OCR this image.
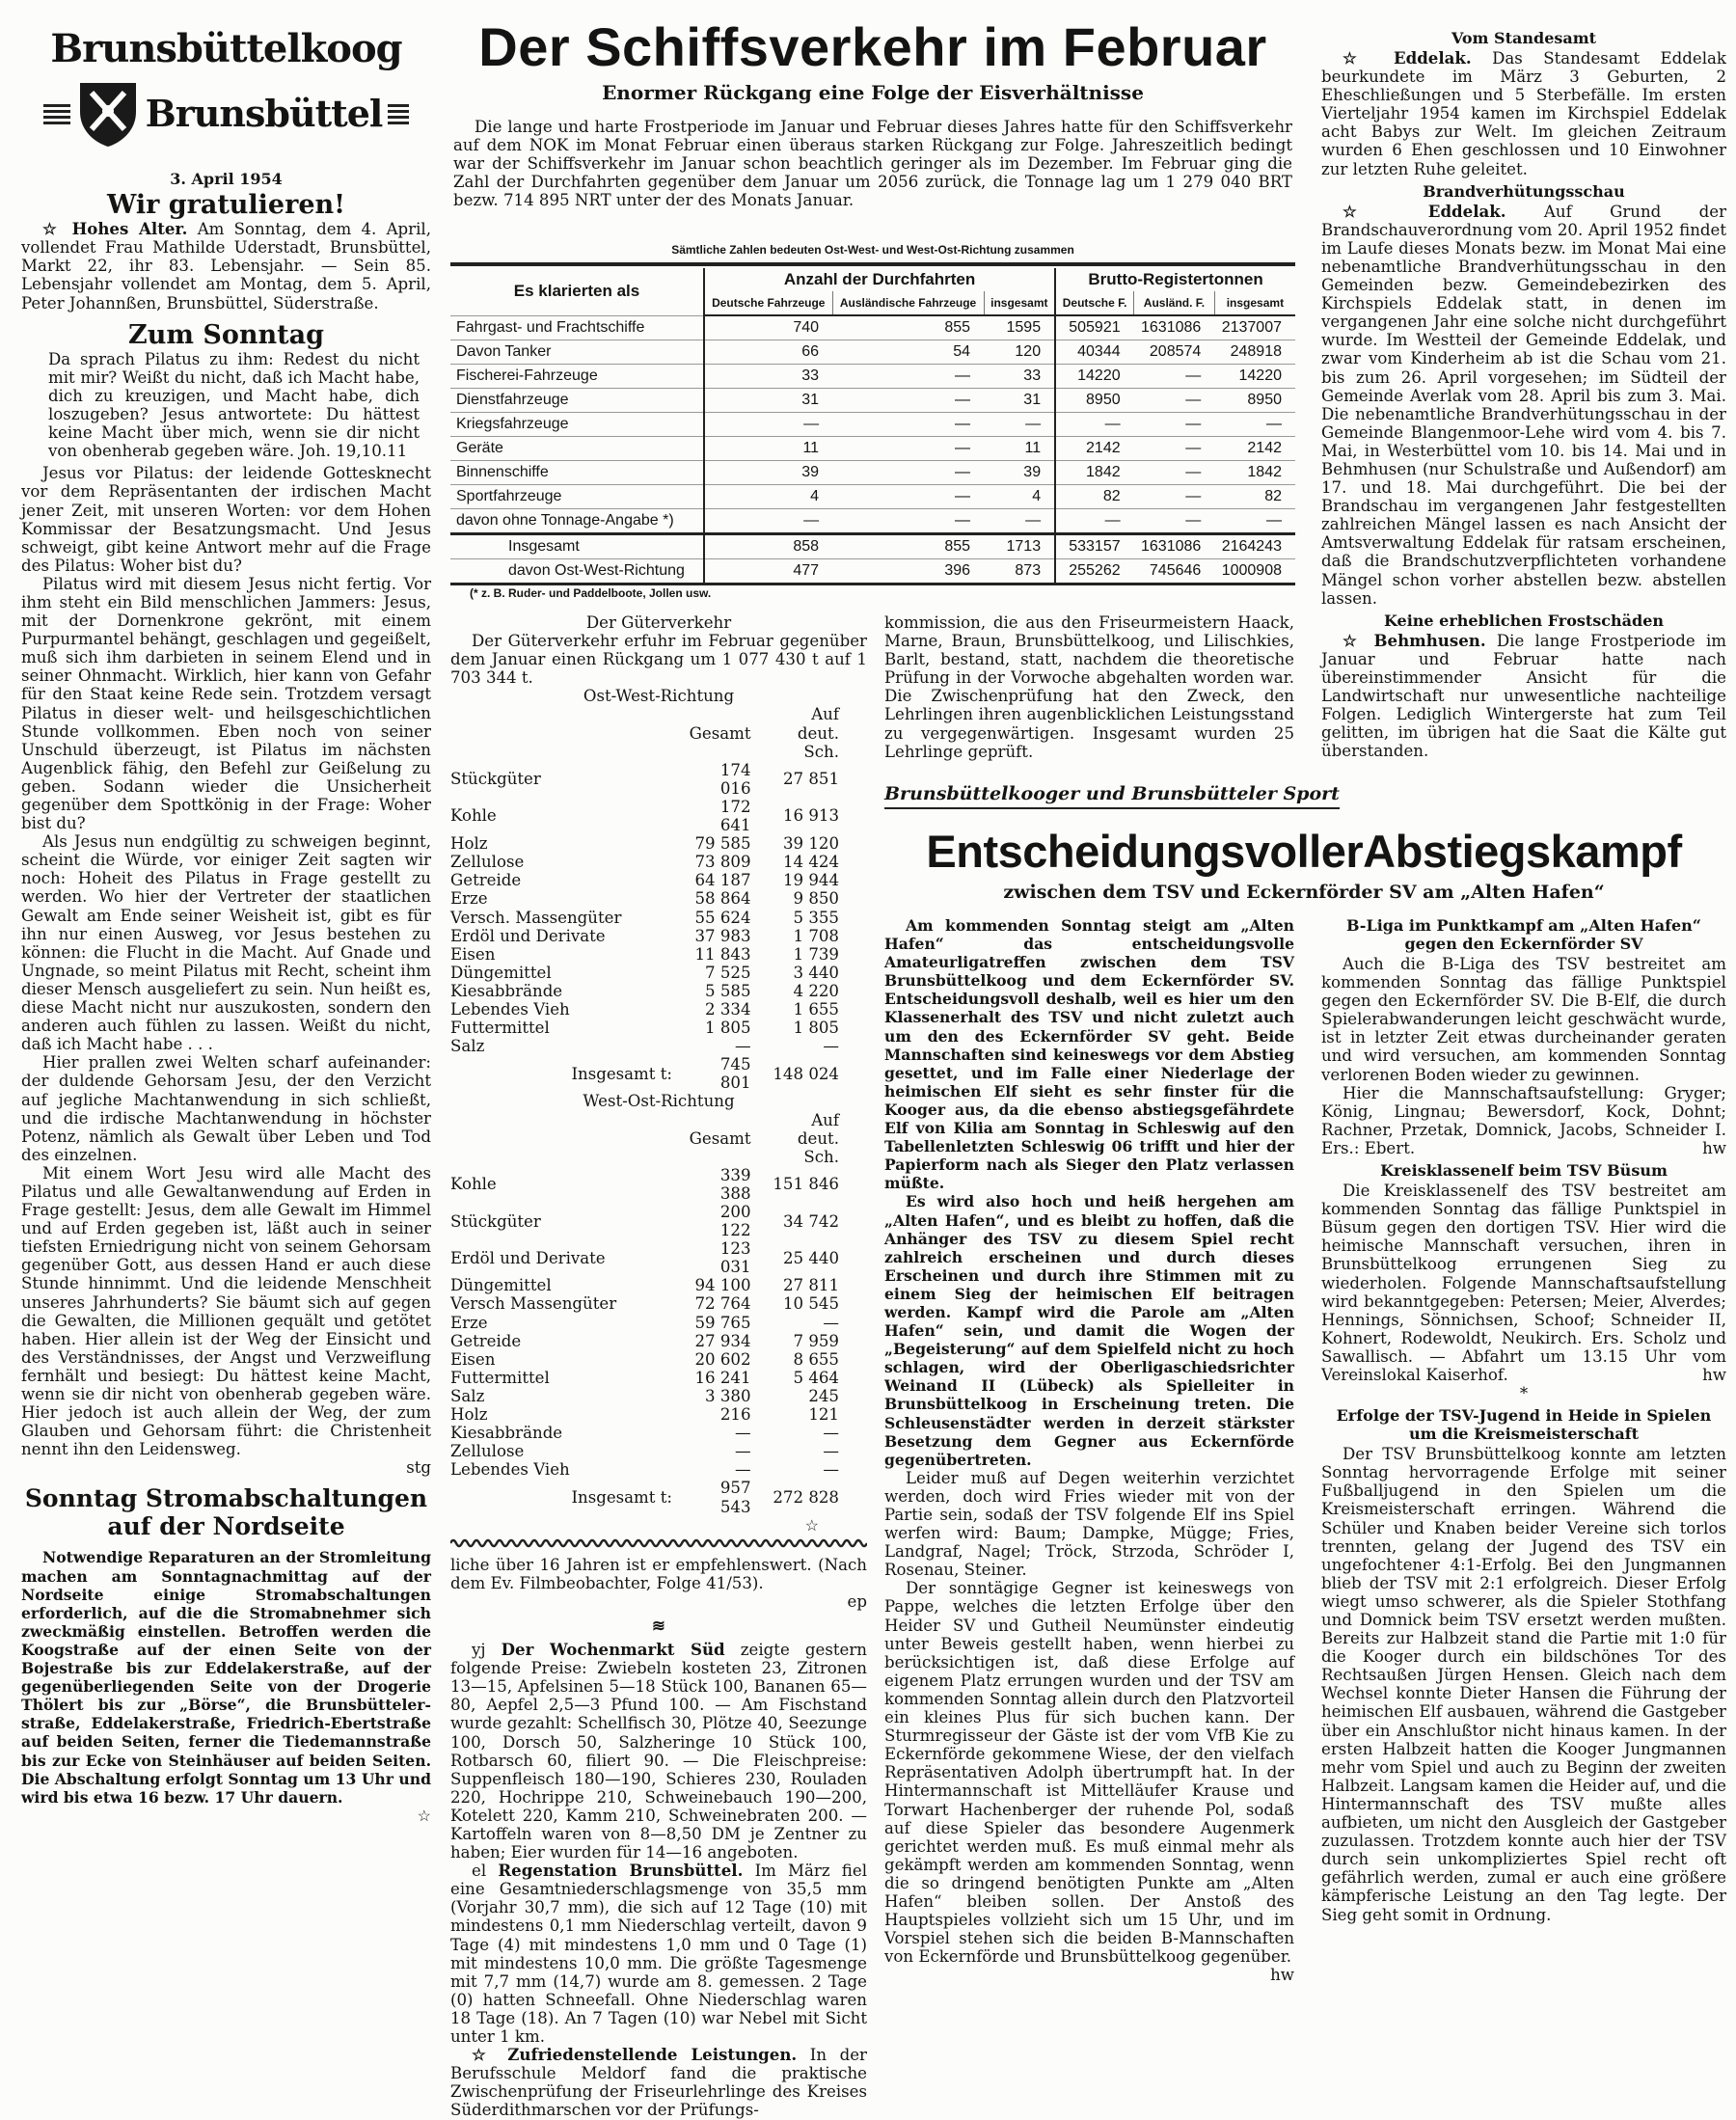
Brunsbüttelkoog
Brunsbüttel
3. April 1954
Wir gratulieren!

☆ Hohes Alter. Am Sonntag, dem 4. April, vollendet Frau Mathilde Uderstadt, Brunsbüttel, Markt 22, ihr 83. Lebensjahr. — Sein 85. Lebensjahr vollendet am Montag, dem 5. April, Peter Johannßen, Brunsbüttel, Süderstraße.

Zum Sonntag

Da sprach Pilatus zu ihm: Redest du nicht mit mir? Weißt du nicht, daß ich Macht habe, dich zu kreuzigen, und Macht habe, dich loszugeben? Jesus antwortete: Du hättest keine Macht über mich, wenn sie dir nicht von obenherab gegeben wäre. Joh. 19,10.11

Jesus vor Pilatus: der leidende Gottesknecht vor dem Repräsentanten der irdischen Macht jener Zeit, mit unseren Worten: vor dem Hohen Kommissar der Besatzungsmacht. Und Jesus schweigt, gibt keine Antwort mehr auf die Frage des Pilatus: Woher bist du?

Pilatus wird mit diesem Jesus nicht fertig. Vor ihm steht ein Bild menschlichen Jammers: Jesus, mit der Dornenkrone gekrönt, mit einem Purpurmantel behängt, geschlagen und gegeißelt, muß sich ihm darbieten in seinem Elend und in seiner Ohnmacht. Wirklich, hier kann von Gefahr für den Staat keine Rede sein. Trotzdem versagt Pilatus in dieser welt- und heilsgeschichtlichen Stunde vollkommen. Eben noch von seiner Unschuld überzeugt, ist Pilatus im nächsten Augenblick fähig, den Befehl zur Geißelung zu geben. Sodann wieder die Unsicherheit gegenüber dem Spottkönig in der Frage: Woher bist du?

Als Jesus nun endgültig zu schweigen beginnt, scheint die Würde, vor einiger Zeit sagten wir noch: Hoheit des Pilatus in Frage gestellt zu werden. Wo hier der Vertreter der staatlichen Gewalt am Ende seiner Weisheit ist, gibt es für ihn nur einen Ausweg, vor Jesus bestehen zu können: die Flucht in die Macht. Auf Gnade und Ungnade, so meint Pilatus mit Recht, scheint ihm dieser Mensch ausgeliefert zu sein. Nun heißt es, diese Macht nicht nur auszukosten, sondern den anderen auch fühlen zu lassen. Weißt du nicht, daß ich Macht habe . . .

Hier prallen zwei Welten scharf aufeinander: der duldende Gehorsam Jesu, der den Verzicht auf jegliche Machtanwendung in sich schließt, und die irdische Machtanwendung in höchster Potenz, nämlich als Gewalt über Leben und Tod des einzelnen.

Mit einem Wort Jesu wird alle Macht des Pilatus und alle Gewaltanwendung auf Erden in Frage gestellt: Jesus, dem alle Gewalt im Himmel und auf Erden gegeben ist, läßt auch in seiner tiefsten Erniedrigung nicht von seinem Gehorsam gegenüber Gott, aus dessen Hand er auch diese Stunde hinnimmt. Und die leidende Menschheit unseres Jahrhunderts? Sie bäumt sich auf gegen die Gewalten, die Millionen gequält und getötet haben. Hier allein ist der Weg der Einsicht und des Verständnisses, der Angst und Verzweiflung fernhält und besiegt: Du hättest keine Macht, wenn sie dir nicht von obenherab gegeben wäre. Hier jedoch ist auch allein der Weg, der zum Glauben und Gehorsam führt: die Christenheit nennt ihn den Leidensweg.

stg
Sonntag Stromabschaltungen auf der Nordseite

Notwendige Reparaturen an der Stromleitung machen am Sonntagnachmittag auf der Nordseite einige Stromabschaltungen erforderlich, auf die die Stromabnehmer sich zweckmäßig einstellen. Betroffen werden die Koogstraße auf der einen Seite von der Bojestraße bis zur Eddelakerstraße, auf der gegenüberliegenden Seite von der Drogerie Thölert bis zur „Börse“, die Brunsbüttelerstraße, Eddelakerstraße, Friedrich-Ebertstraße auf beiden Seiten, ferner die Tiedemannstraße bis zur Ecke von Steinhäuser auf beiden Seiten. Die Abschaltung erfolgt Sonntag um 13 Uhr und wird bis etwa 16 bezw. 17 Uhr dauern.

☆
Der Schiffsverkehr im Februar
Enormer Rückgang eine Folge der Eisverhältnisse

Die lange und harte Frostperiode im Januar und Februar dieses Jahres hatte für den Schiffsverkehr auf dem NOK im Monat Februar einen überaus starken Rückgang zur Folge. Jahreszeitlich bedingt war der Schiffsverkehr im Januar schon beachtlich geringer als im Dezember. Im Februar ging die Zahl der Durchfahrten gegenüber dem Januar um 2056 zurück, die Tonnage lag um 1 279 040 BRT bezw. 714 895 NRT unter der des Monats Januar.

Sämtliche Zahlen bedeuten Ost-West- und West-Ost-Richtung zusammen
Es klarierten als	Anzahl der Durchfahrten			Brutto-Registertonnen		
	Deutsche Fahrzeuge	Ausländische Fahrzeuge	insgesamt	Deutsche F.	Ausländ. F.	insgesamt
Fahrgast- und Frachtschiffe	740	855	1595	505921	1631086	2137007
Davon Tanker	66	54	120	40344	208574	248918
Fischerei-Fahrzeuge	33	—	33	14220	—	14220
Dienstfahrzeuge	31	—	31	8950	—	8950
Kriegsfahrzeuge	—	—	—	—	—	—
Geräte	11	—	11	2142	—	2142
Binnenschiffe	39	—	39	1842	—	1842
Sportfahrzeuge	4	—	4	82	—	82
davon ohne Tonnage-Angabe *)	—	—	—	—	—	—
Insgesamt	858	855	1713	533157	1631086	2164243
davon Ost-West-Richtung	477	396	873	255262	745646	1000908
(* z. B. Ruder- und Paddelboote, Jollen usw.
Der Güterverkehr

Der Güterverkehr erfuhr im Februar gegenüber dem Januar einen Rückgang um 1 077 430 t auf 1 703 344 t.

Ost-West-Richtung
	Gesamt	Auf deut. Sch.
Stückgüter	174 016	27 851
Kohle	172 641	16 913
Holz	79 585	39 120
Zellulose	73 809	14 424
Getreide	64 187	19 944
Erze	58 864	9 850
Versch. Massengüter	55 624	5 355
Erdöl und Derivate	37 983	1 708
Eisen	11 843	1 739
Düngemittel	7 525	3 440
Kiesabbrände	5 585	4 220
Lebendes Vieh	2 334	1 655
Futtermittel	1 805	1 805
Salz	—	—
Insgesamt t:	745 801	148 024
West-Ost-Richtung
	Gesamt	Auf deut. Sch.
Kohle	339 388	151 846
Stückgüter	200 122	34 742
Erdöl und Derivate	123 031	25 440
Düngemittel	94 100	27 811
Versch Massengüter	72 764	10 545
Erze	59 765	—
Getreide	27 934	7 959
Eisen	20 602	8 655
Futtermittel	16 241	5 464
Salz	3 380	245
Holz	216	121
Kiesabbrände	—	—
Zellulose	—	—
Lebendes Vieh	—	—
Insgesamt t:	957 543	272 828
☆

liche über 16 Jahren ist er empfehlenswert. (Nach dem Ev. Filmbeobachter, Folge 41/53).
ep

≋

yj Der Wochenmarkt Süd zeigte gestern folgende Preise: Zwiebeln kosteten 23, Zitronen 13—15, Apfelsinen 5—18 Stück 100, Bananen 65—80, Aepfel 2,5—3 Pfund 100. — Am Fischstand wurde gezahlt: Schellfisch 30, Plötze 40, Seezunge 100, Dorsch 50, Salzheringe 10 Stück 100, Rotbarsch 60, filiert 90. — Die Fleischpreise: Suppenfleisch 180—190, Schieres 230, Rouladen 220, Hochrippe 210, Schweinebauch 190—200, Kotelett 220, Kamm 210, Schweinebraten 200. — Kartoffeln waren von 8—8,50 DM je Zentner zu haben; Eier wurden für 14—16 angeboten.

el Regenstation Brunsbüttel. Im März fiel eine Gesamtniederschlagsmenge von 35,5 mm (Vorjahr 30,7 mm), die sich auf 12 Tage (10) mit mindestens 0,1 mm Niederschlag verteilt, davon 9 Tage (4) mit mindestens 1,0 mm und 0 Tage (1) mit mindestens 10,0 mm. Die größte Tagesmenge mit 7,7 mm (14,7) wurde am 8. gemessen. 2 Tage (0) hatten Schneefall. Ohne Niederschlag waren 18 Tage (18). An 7 Tagen (10) war Nebel mit Sicht unter 1 km.

☆ Zufriedenstellende Leistungen. In der Berufsschule Meldorf fand die praktische Zwischenprüfung der Friseurlehrlinge des Kreises Süderdithmarschen vor der Prüfungs-

kommission, die aus den Friseurmeistern Haack, Marne, Braun, Brunsbüttelkoog, und Lilischkies, Barlt, bestand, statt, nachdem die theoretische Prüfung in der Vorwoche abgehalten worden war. Die Zwischenprüfung hat den Zweck, den Lehrlingen ihren augenblicklichen Leistungsstand zu vergegenwärtigen. Insgesamt wurden 25 Lehrlinge geprüft.

Brunsbüttelkooger und Brunsbütteler Sport
EntscheidungsvollerAbstiegskampf
zwischen dem TSV und Eckernförder SV am „Alten Hafen“

Am kommenden Sonntag steigt am „Alten Hafen“ das entscheidungsvolle Amateurligatreffen zwischen dem TSV Brunsbüttelkoog und dem Eckernförder SV. Entscheidungsvoll deshalb, weil es hier um den Klassenerhalt des TSV und nicht zuletzt auch um den des Eckernförder SV geht. Beide Mannschaften sind keineswegs vor dem Abstieg gesettet, und im Falle einer Niederlage der heimischen Elf sieht es sehr finster für die Kooger aus, da die ebenso abstiegsgefährdete Elf von Kilia am Sonntag in Schleswig auf den Tabellenletzten Schleswig 06 trifft und hier der Papierform nach als Sieger den Platz verlassen müßte.

Es wird also hoch und heiß hergehen am „Alten Hafen“, und es bleibt zu hoffen, daß die Anhänger des TSV zu diesem Spiel recht zahlreich erscheinen und durch dieses Erscheinen und durch ihre Stimmen mit zu einem Sieg der heimischen Elf beitragen werden. Kampf wird die Parole am „Alten Hafen“ sein, und damit die Wogen der „Begeisterung“ auf dem Spielfeld nicht zu hoch schlagen, wird der Oberligaschiedsrichter Weinand II (Lübeck) als Spielleiter in Brunsbüttelkoog in Erscheinung treten. Die Schleusenstädter werden in derzeit stärkster Besetzung dem Gegner aus Eckernförde gegenübertreten.

Leider muß auf Degen weiterhin verzichtet werden, doch wird Fries wieder mit von der Partie sein, sodaß der TSV folgende Elf ins Spiel werfen wird: Baum; Dampke, Mügge; Fries, Landgraf, Nagel; Tröck, Strzoda, Schröder I, Rosenau, Steiner.

Der sonntägige Gegner ist keineswegs von Pappe, welches die letzten Erfolge über den Heider SV und Gutheil Neumünster eindeutig unter Beweis gestellt haben, wenn hierbei zu berücksichtigen ist, daß diese Erfolge auf eigenem Platz errungen wurden und der TSV am kommenden Sonntag allein durch den Platzvorteil ein kleines Plus für sich buchen kann. Der Sturmregisseur der Gäste ist der vom VfB Kie zu Eckernförde gekommene Wiese, der den vielfach Repräsentativen Adolph übertrumpft hat. In der Hintermannschaft ist Mittelläufer Krause und Torwart Hachenberger der ruhende Pol, sodaß auf diese Spieler das besondere Augenmerk gerichtet werden muß. Es muß einmal mehr als gekämpft werden am kommenden Sonntag, wenn die so dringend benötigten Punkte am „Alten Hafen“ bleiben sollen. Der Anstoß des Hauptspieles vollzieht sich um 15 Uhr, und im Vorspiel stehen sich die beiden B-Mannschaften von Eckernförde und Brunsbüttelkoog gegenüber.

hw
Vom Standesamt

☆ Eddelak. Das Standesamt Eddelak beurkundete im März 3 Geburten, 2 Eheschließungen und 5 Sterbefälle. Im ersten Vierteljahr 1954 kamen im Kirchspiel Eddelak acht Babys zur Welt. Im gleichen Zeitraum wurden 6 Ehen geschlossen und 10 Einwohner zur letzten Ruhe geleitet.

Brandverhütungsschau

☆ Eddelak. Auf Grund der Brandschauverordnung vom 20. April 1952 findet im Laufe dieses Monats bezw. im Monat Mai eine nebenamtliche Brandverhütungsschau in den Gemeinden bezw. Gemeindebezirken des Kirchspiels Eddelak statt, in denen im vergangenen Jahr eine solche nicht durchgeführt wurde. Im Westteil der Gemeinde Eddelak, und zwar vom Kinderheim ab ist die Schau vom 21. bis zum 26. April vorgesehen; im Südteil der Gemeinde Averlak vom 28. April bis zum 3. Mai. Die nebenamtliche Brandverhütungsschau in der Gemeinde Blangenmoor-Lehe wird vom 4. bis 7. Mai, in Westerbüttel vom 10. bis 14. Mai und in Behmhusen (nur Schulstraße und Außendorf) am 17. und 18. Mai durchgeführt. Die bei der Brandschau im vergangenen Jahr festgestellten zahlreichen Mängel lassen es nach Ansicht der Amtsverwaltung Eddelak für ratsam erscheinen, daß die Brandschutzverpflichteten vorhandene Mängel schon vorher abstellen bezw. abstellen lassen.

Keine erheblichen Frostschäden

☆ Behmhusen. Die lange Frostperiode im Januar und Februar hatte nach übereinstimmender Ansicht für die Landwirtschaft nur unwesentliche nachteilige Folgen. Lediglich Wintergerste hat zum Teil gelitten, im übrigen hat die Saat die Kälte gut überstanden.

B-Liga im Punktkampf am „Alten Hafen“ gegen den Eckernförder SV

Auch die B-Liga des TSV bestreitet am kommenden Sonntag das fällige Punktspiel gegen den Eckernförder SV. Die B-Elf, die durch Spielerabwanderungen leicht geschwächt wurde, ist in letzter Zeit etwas durcheinander geraten und wird versuchen, am kommenden Sonntag verlorenen Boden wieder zu gewinnen.

Hier die Mannschaftsaufstellung: Gryger; König, Lingnau; Bewersdorf, Kock, Dohnt; Rachner, Przetak, Domnick, Jacobs, Schneider I. Ers.: Ebert.	hw

Kreisklassenelf beim TSV Büsum

Die Kreisklassenelf des TSV bestreitet am kommenden Sonntag das fällige Punktspiel in Büsum gegen den dortigen TSV. Hier wird die heimische Mannschaft versuchen, ihren in Brunsbüttelkoog errungenen Sieg zu wiederholen. Folgende Mannschaftsaufstellung wird bekanntgegeben: Petersen; Meier, Alverdes; Hennings, Sönnichsen, Schoof; Schneider II, Kohnert, Rodewoldt, Neukirch. Ers. Scholz und Sawallisch. — Abfahrt um 13.15 Uhr vom Vereinslokal Kaiserhof.	hw

*
Erfolge der TSV-Jugend in Heide in Spielen um die Kreismeisterschaft

Der TSV Brunsbüttelkoog konnte am letzten Sonntag hervorragende Erfolge mit seiner Fußballjugend in den Spielen um die Kreismeisterschaft erringen. Während die Schüler und Knaben beider Vereine sich torlos trennten, gelang der Jugend des TSV ein ungefochtener 4:1-Erfolg. Bei den Jungmannen blieb der TSV mit 2:1 erfolgreich. Dieser Erfolg wiegt umso schwerer, als die Spieler Stothfang und Domnick beim TSV ersetzt werden mußten. Bereits zur Halbzeit stand die Partie mit 1:0 für die Kooger durch ein bildschönes Tor des Rechtsaußen Jürgen Hensen. Gleich nach dem Wechsel konnte Dieter Hansen die Führung der heimischen Elf ausbauen, während die Gastgeber über ein Anschlußtor nicht hinaus kamen. In der ersten Halbzeit hatten die Kooger Jungmannen mehr vom Spiel und auch zu Beginn der zweiten Halbzeit. Langsam kamen die Heider auf, und die Hintermannschaft des TSV mußte alles aufbieten, um nicht den Ausgleich der Gastgeber zuzulassen. Trotzdem konnte auch hier der TSV durch sein unkompliziertes Spiel recht oft gefährlich werden, zumal er auch eine größere kämpferische Leistung an den Tag legte. Der Sieg geht somit in Ordnung.
